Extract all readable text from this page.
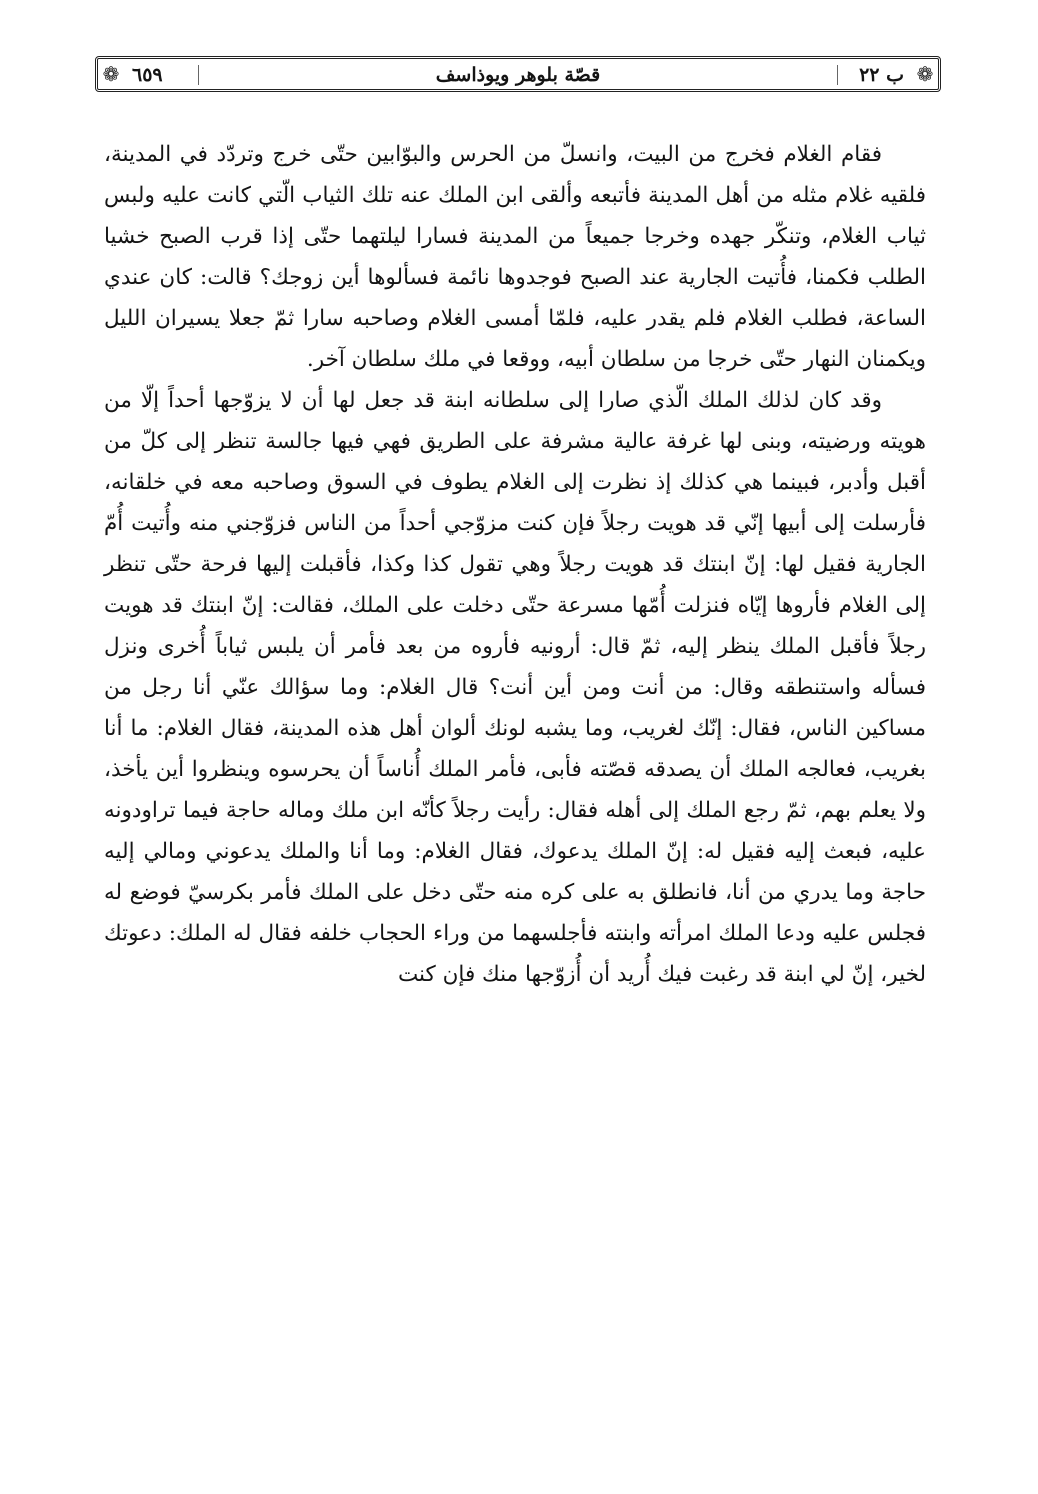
❁ ٦٥٩	قصّة بلوهر ويوذاسف	ب ٢٢ ❁

فقام الغلام فخرج من البيت، وانسلّ من الحرس والبوّابين حتّى خرج وتردّد في المدينة، فلقيه غلام مثله من أهل المدينة فأتبعه وألقى ابن الملك عنه تلك الثياب الّتي كانت عليه ولبس ثياب الغلام، وتنكّر جهده وخرجا جميعاً من المدينة فسارا ليلتهما حتّى إذا قرب الصبح خشيا الطلب فكمنا، فأُتيت الجارية عند الصبح فوجدوها نائمة فسألوها أين زوجك؟ قالت: كان عندي الساعة، فطلب الغلام فلم يقدر عليه، فلمّا أمسى الغلام وصاحبه سارا ثمّ جعلا يسيران الليل ويكمنان النهار حتّى خرجا من سلطان أبيه، ووقعا في ملك سلطان آخر.

وقد كان لذلك الملك الّذي صارا إلى سلطانه ابنة قد جعل لها أن لا يزوّجها أحداً إلّا من هويته ورضيته، وبنى لها غرفة عالية مشرفة على الطريق فهي فيها جالسة تنظر إلى كلّ من أقبل وأدبر، فبينما هي كذلك إذ نظرت إلى الغلام يطوف في السوق وصاحبه معه في خلقانه، فأرسلت إلى أبيها إنّي قد هويت رجلاً فإن كنت مزوّجي أحداً من الناس فزوّجني منه وأُتيت أُمّ الجارية فقيل لها: إنّ ابنتك قد هويت رجلاً وهي تقول كذا وكذا، فأقبلت إليها فرحة حتّى تنظر إلى الغلام فأروها إيّاه فنزلت أُمّها مسرعة حتّى دخلت على الملك، فقالت: إنّ ابنتك قد هويت رجلاً فأقبل الملك ينظر إليه، ثمّ قال: أرونيه فأروه من بعد فأمر أن يلبس ثياباً أُخرى ونزل فسأله واستنطقه وقال: من أنت ومن أين أنت؟ قال الغلام: وما سؤالك عنّي أنا رجل من مساكين الناس، فقال: إنّك لغريب، وما يشبه لونك ألوان أهل هذه المدينة، فقال الغلام: ما أنا بغريب، فعالجه الملك أن يصدقه قصّته فأبى، فأمر الملك أُناساً أن يحرسوه وينظروا أين يأخذ، ولا يعلم بهم، ثمّ رجع الملك إلى أهله فقال: رأيت رجلاً كأنّه ابن ملك وماله حاجة فيما تراودونه عليه، فبعث إليه فقيل له: إنّ الملك يدعوك، فقال الغلام: وما أنا والملك يدعوني ومالي إليه حاجة وما يدري من أنا، فانطلق به على كره منه حتّى دخل على الملك فأمر بكرسيّ فوضع له فجلس عليه ودعا الملك امرأته وابنته فأجلسهما من وراء الحجاب خلفه فقال له الملك: دعوتك لخير، إنّ لي ابنة قد رغبت فيك أُريد أن أُزوّجها منك فإن كنت
